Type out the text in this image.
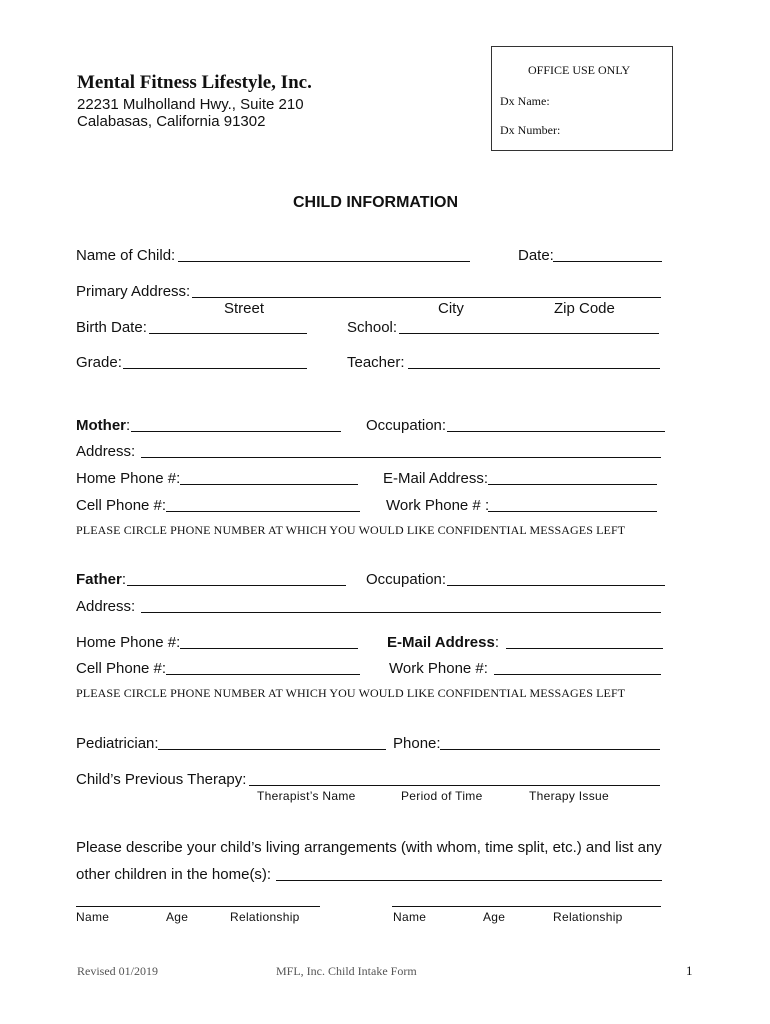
Mental Fitness Lifestyle, Inc.
22231 Mulholland Hwy., Suite 210
Calabasas, California 91302
OFFICE USE ONLY
Dx Name:
Dx Number:
CHILD INFORMATION
Name of Child:	Date:
Primary Address:
Street	City	Zip Code
Birth Date:	School:
Grade:	Teacher:
Mother:	Occupation:
Address:
Home Phone #:	E-Mail Address:
Cell Phone #:	Work Phone # :
PLEASE CIRCLE PHONE NUMBER AT WHICH YOU WOULD LIKE CONFIDENTIAL MESSAGES LEFT
Father:	Occupation:
Address:
Home Phone #:	E-Mail Address:
Cell Phone #:	Work Phone #:
PLEASE CIRCLE PHONE NUMBER AT WHICH YOU WOULD LIKE CONFIDENTIAL MESSAGES LEFT
Pediatrician:	Phone:
Child’s Previous Therapy:
Therapist’s Name	Period of Time	Therapy Issue
Please describe your child’s living arrangements (with whom, time split, etc.) and list any
other children in the home(s):
Name	Age	Relationship	Name	Age	Relationship
Revised 01/2019	MFL, Inc. Child Intake Form	1
